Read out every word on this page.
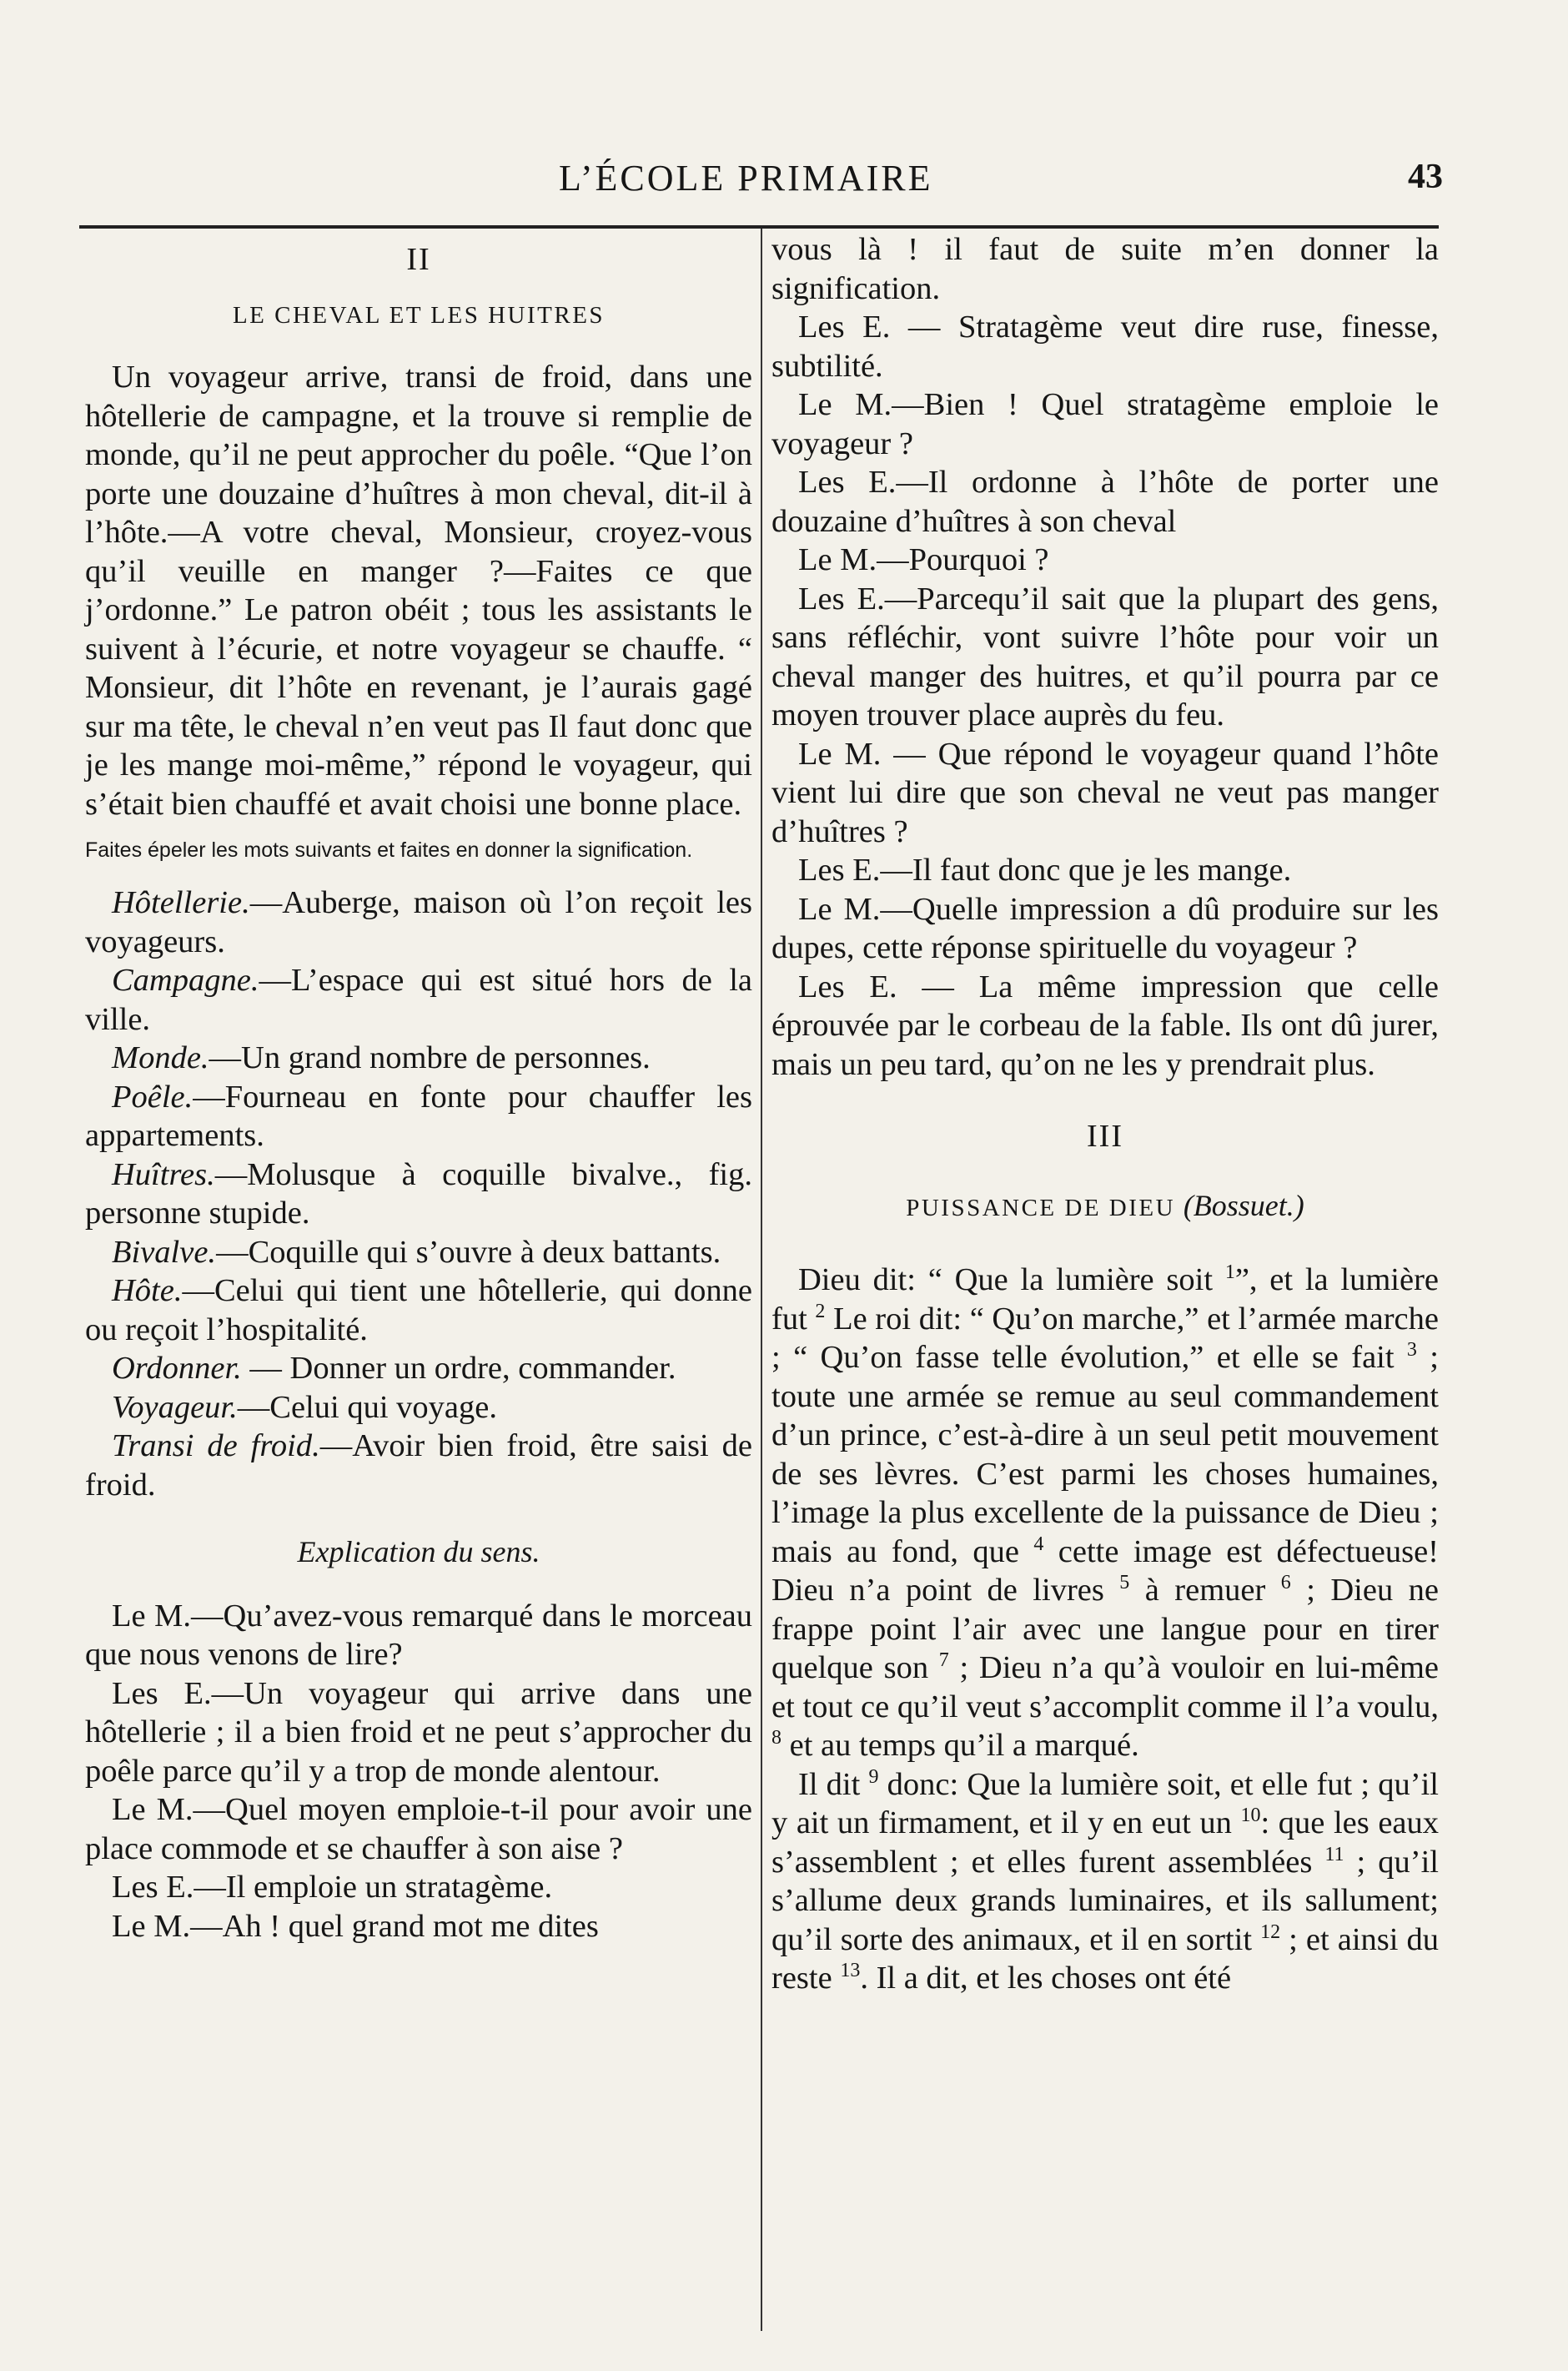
L’ÉCOLE PRIMAIRE	43
II
LE CHEVAL ET LES HUITRES

Un voyageur arrive, transi de froid, dans une hôtellerie de campagne, et la trouve si remplie de monde, qu’il ne peut approcher du poêle. “Que l’on porte une douzaine d’huîtres à mon cheval, dit-il à l’hôte.—A votre cheval, Monsieur, croyez-vous qu’il veuille en manger ?—Faites ce que j’ordonne.” Le patron obéit ; tous les assistants le suivent à l’écurie, et notre voyageur se chauffe. “ Monsieur, dit l’hôte en revenant, je l’aurais gagé sur ma tête, le cheval n’en veut pas Il faut donc que je les mange moi-même,” répond le voyageur, qui s’était bien chauffé et avait choisi une bonne place.

Faites épeler les mots suivants et faites en donner la signification.

Hôtellerie.—Auberge, maison où l’on reçoit les voyageurs.

Campagne.—L’espace qui est situé hors de la ville.

Monde.—Un grand nombre de personnes.

Poêle.—Fourneau en fonte pour chauffer les appartements.

Huîtres.—Molusque à coquille bivalve., fig. personne stupide.

Bivalve.—Coquille qui s’ouvre à deux battants.

Hôte.—Celui qui tient une hôtellerie, qui donne ou reçoit l’hospitalité.

Ordonner. — Donner un ordre, commander.

Voyageur.—Celui qui voyage.

Transi de froid.—Avoir bien froid, être saisi de froid.

Explication du sens.

Le M.—Qu’avez-vous remarqué dans le morceau que nous venons de lire?

Les E.—Un voyageur qui arrive dans une hôtellerie ; il a bien froid et ne peut s’approcher du poêle parce qu’il y a trop de monde alentour.

Le M.—Quel moyen emploie-t-il pour avoir une place commode et se chauffer à son aise ?

Les E.—Il emploie un stratagème.

Le M.—Ah ! quel grand mot me dites

vous là ! il faut de suite m’en donner la signification.

Les E. — Stratagème veut dire ruse, finesse, subtilité.

Le M.—Bien ! Quel stratagème emploie le voyageur ?

Les E.—Il ordonne à l’hôte de porter une douzaine d’huîtres à son cheval

Le M.—Pourquoi ?

Les E.—Parcequ’il sait que la plupart des gens, sans réfléchir, vont suivre l’hôte pour voir un cheval manger des huitres, et qu’il pourra par ce moyen trouver place auprès du feu.

Le M. — Que répond le voyageur quand l’hôte vient lui dire que son cheval ne veut pas manger d’huîtres ?

Les E.—Il faut donc que je les mange.

Le M.—Quelle impression a dû produire sur les dupes, cette réponse spirituelle du voyageur ?

Les E. — La même impression que celle éprouvée par le corbeau de la fable. Ils ont dû jurer, mais un peu tard, qu’on ne les y prendrait plus.

III
PUISSANCE DE DIEU (Bossuet.)

Dieu dit: “ Que la lumière soit $^1$”, et la lumière fut $^2$ Le roi dit: “ Qu’on marche,” et l’armée marche ; “ Qu’on fasse telle évolution,” et elle se fait $^3$ ; toute une armée se remue au seul commandement d’un prince, c’est-à-dire à un seul petit mouvement de ses lèvres. C’est parmi les choses humaines, l’image la plus excellente de la puissance de Dieu ; mais au fond, que $^4$ cette image est défectueuse! Dieu n’a point de livres $^5$ à remuer $^6$ ; Dieu ne frappe point l’air avec une langue pour en tirer quelque son $^7$ ; Dieu n’a qu’à vouloir en lui-même et tout ce qu’il veut s’accomplit comme il l’a voulu, $^8$ et au temps qu’il a marqué.

Il dit $^9$ donc: Que la lumière soit, et elle fut ; qu’il y ait un firmament, et il y en eut un $^{10}$: que les eaux s’assemblent ; et elles furent assemblées $^{11}$ ; qu’il s’allume deux grands luminaires, et ils sallument; qu’il sorte des animaux, et il en sortit $^{12}$ ; et ainsi du reste $^{13}$. Il a dit, et les choses ont été
